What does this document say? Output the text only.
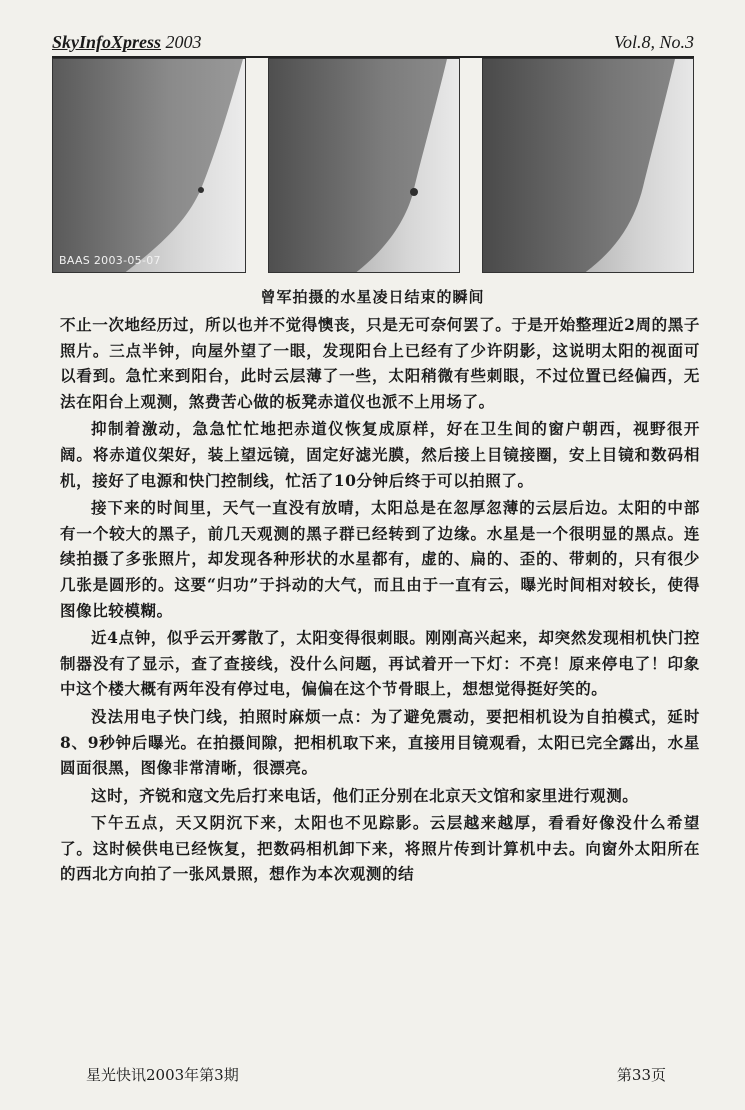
SkyInfoXpress 2003	Vol.8, No.3
BAAS 2003-05-07
曾军拍摄的水星凌日结束的瞬间

不止一次地经历过，所以也并不觉得懊丧，只是无可奈何罢了。于是开始整理近2周的黑子照片。三点半钟，向屋外望了一眼，发现阳台上已经有了少许阴影，这说明太阳的视面可以看到。急忙来到阳台，此时云层薄了一些，太阳稍微有些刺眼，不过位置已经偏西，无法在阳台上观测，煞费苦心做的板凳赤道仪也派不上用场了。

抑制着激动，急急忙忙地把赤道仪恢复成原样，好在卫生间的窗户朝西，视野很开阔。将赤道仪架好，装上望远镜，固定好滤光膜，然后接上目镜接圈，安上目镜和数码相机，接好了电源和快门控制线，忙活了10分钟后终于可以拍照了。

接下来的时间里，天气一直没有放晴，太阳总是在忽厚忽薄的云层后边。太阳的中部有一个较大的黑子，前几天观测的黑子群已经转到了边缘。水星是一个很明显的黑点。连续拍摄了多张照片，却发现各种形状的水星都有，虚的、扁的、歪的、带刺的，只有很少几张是圆形的。这要“归功”于抖动的大气，而且由于一直有云，曝光时间相对较长，使得图像比较模糊。

近4点钟，似乎云开雾散了，太阳变得很刺眼。刚刚高兴起来，却突然发现相机快门控制器没有了显示，查了查接线，没什么问题，再试着开一下灯：不亮！原来停电了！印象中这个楼大概有两年没有停过电，偏偏在这个节骨眼上，想想觉得挺好笑的。

没法用电子快门线，拍照时麻烦一点：为了避免震动，要把相机设为自拍模式，延时8、9秒钟后曝光。在拍摄间隙，把相机取下来，直接用目镜观看，太阳已完全露出，水星圆面很黑，图像非常清晰，很漂亮。

这时，齐锐和寇文先后打来电话，他们正分别在北京天文馆和家里进行观测。

下午五点，天又阴沉下来，太阳也不见踪影。云层越来越厚，看看好像没什么希望了。这时候供电已经恢复，把数码相机卸下来，将照片传到计算机中去。向窗外太阳所在的西北方向拍了一张风景照，想作为本次观测的结

星光快讯2003年第3期	第33页
